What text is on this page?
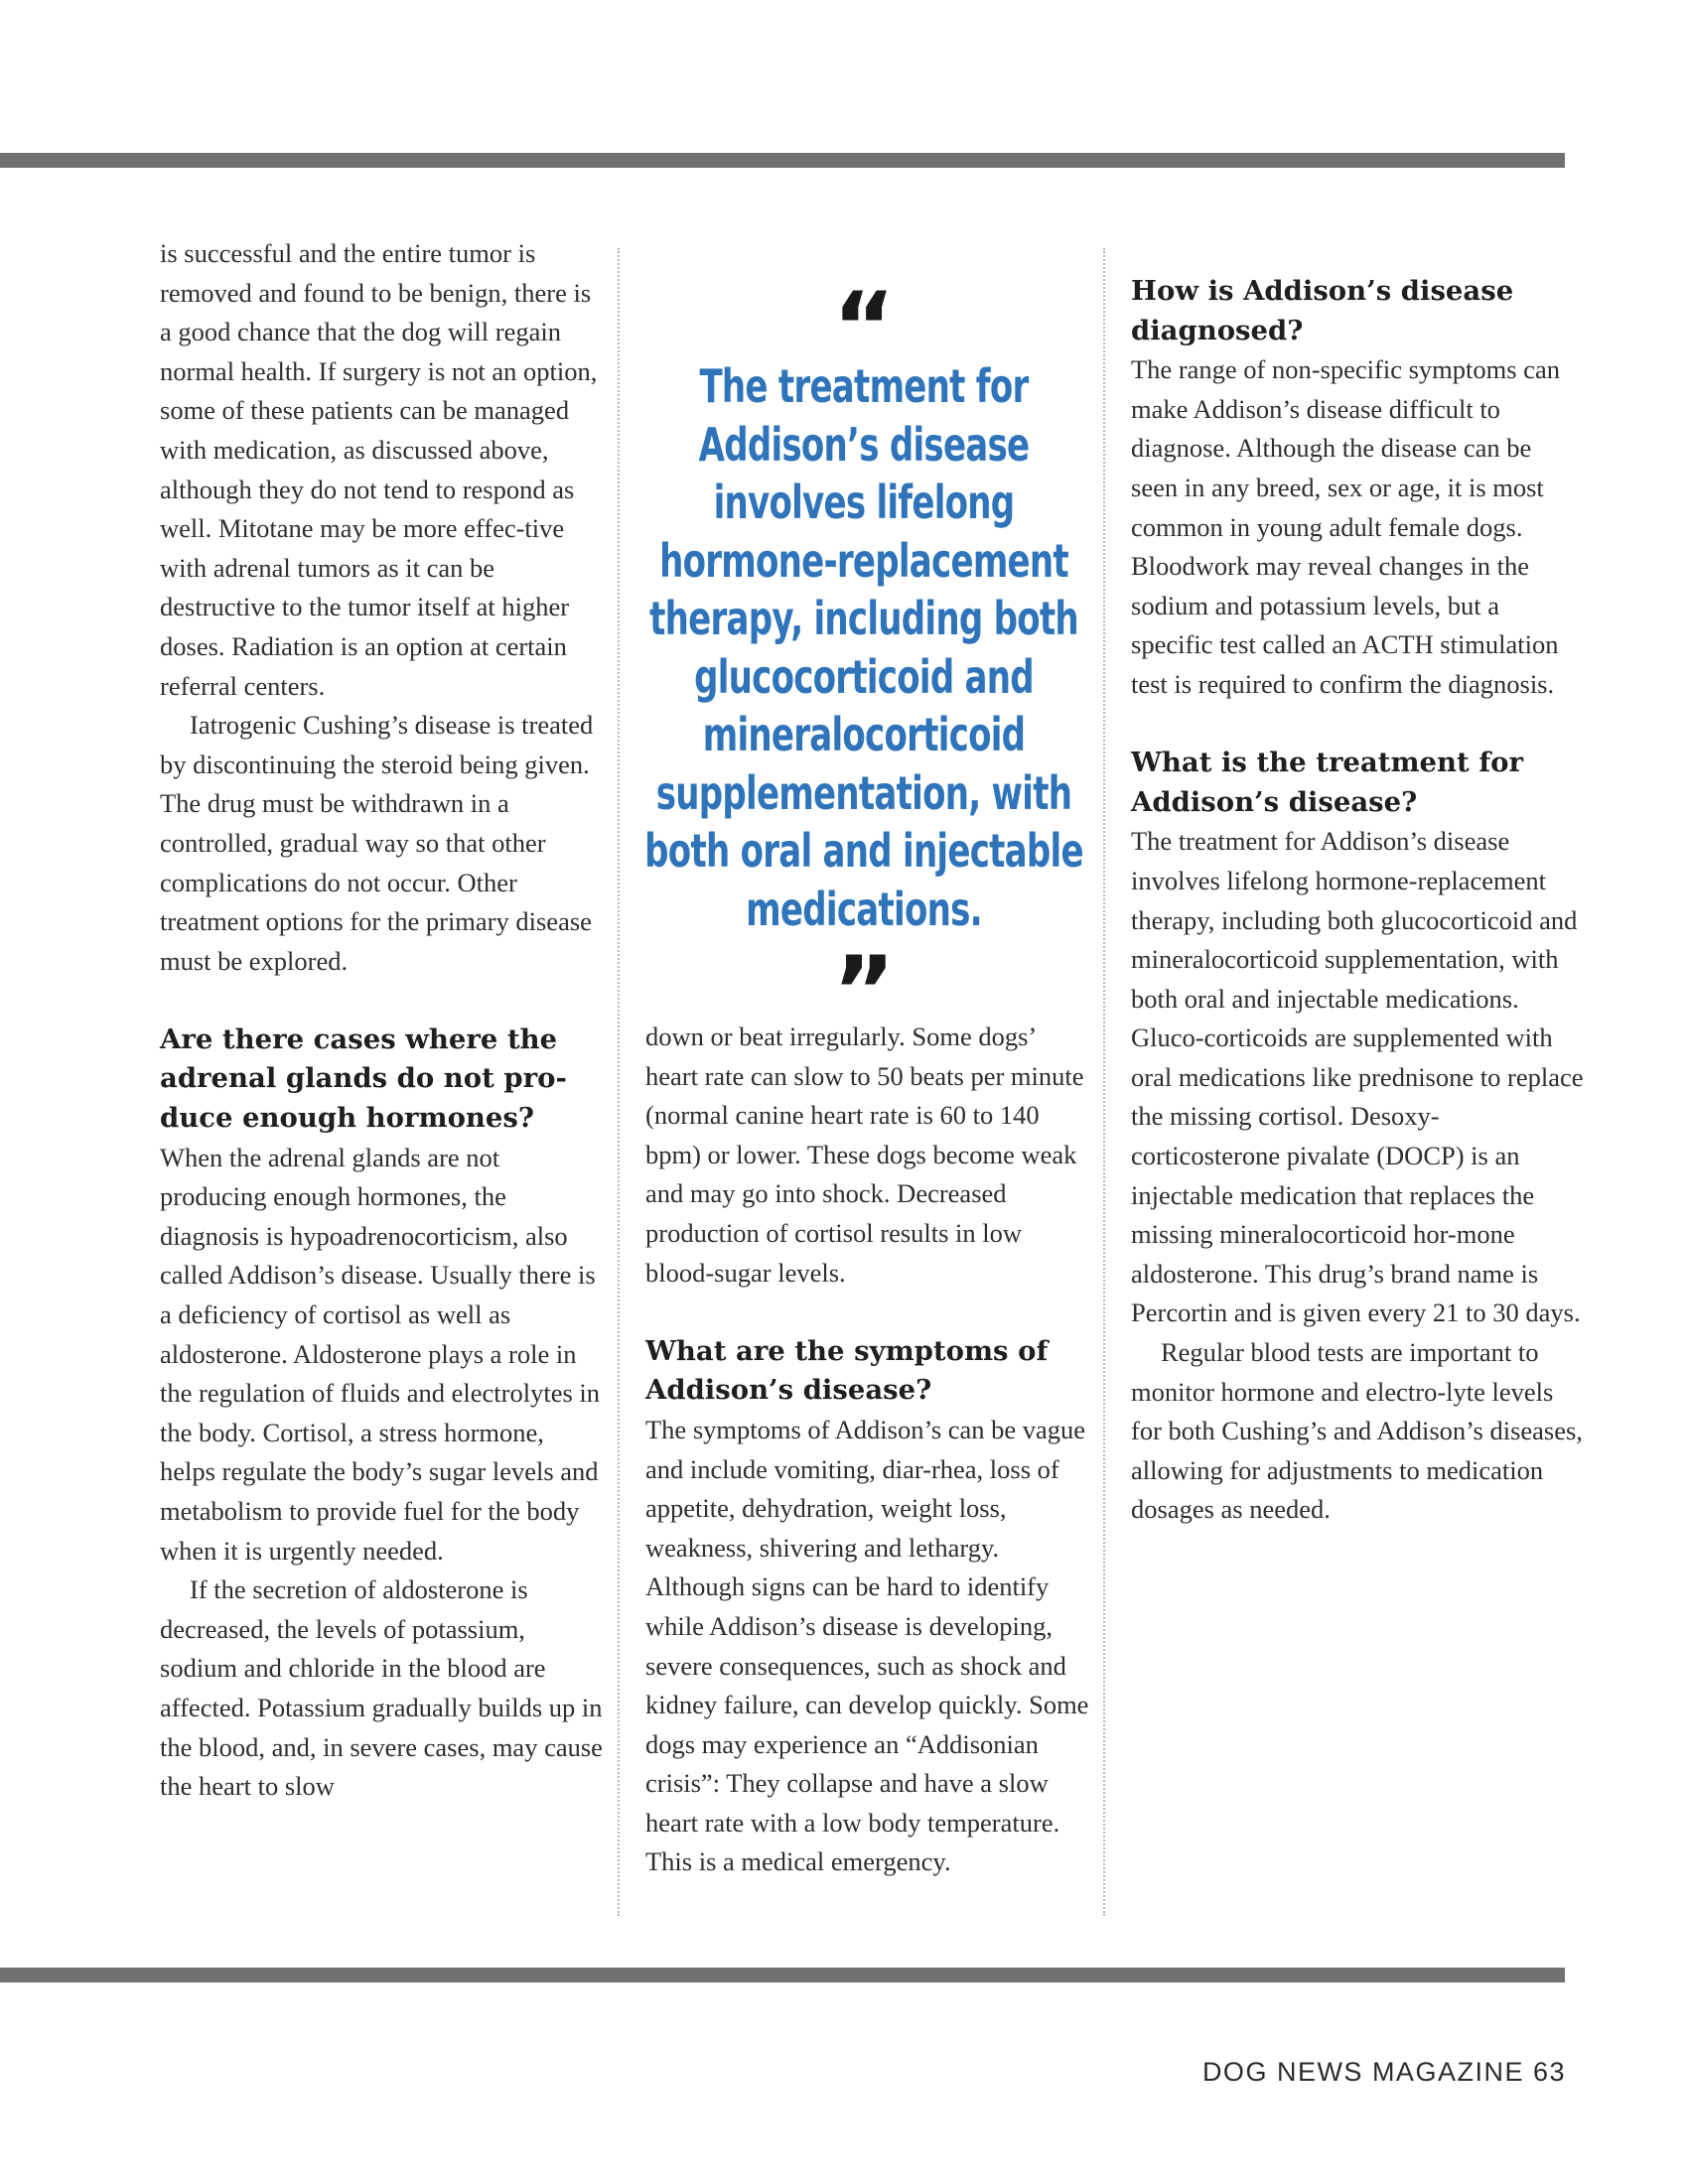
is successful and the entire tumor is removed and found to be benign, there is a good chance that the dog will regain normal health. If surgery is not an option, some of these patients can be managed with medication, as discussed above, although they do not tend to respond as well. Mitotane may be more effec-tive with adrenal tumors as it can be destructive to the tumor itself at higher doses. Radiation is an option at certain referral centers.

Iatrogenic Cushing’s disease is treated by discontinuing the steroid being given. The drug must be withdrawn in a controlled, gradual way so that other complications do not occur. Other treatment options for the primary disease must be explored.

Are there cases where the adrenal glands do not pro-duce enough hormones?

When the adrenal glands are not producing enough hormones, the diagnosis is hypoadrenocorticism, also called Addison’s disease. Usually there is a deficiency of cortisol as well as aldosterone. Aldosterone plays a role in the regulation of fluids and electrolytes in the body. Cortisol, a stress hormone, helps regulate the body’s sugar levels and metabolism to provide fuel for the body when it is urgently needed.

If the secretion of aldosterone is decreased, the levels of potassium, sodium and chloride in the blood are affected. Potassium gradually builds up in the blood, and, in severe cases, may cause the heart to slow

“
The treatment for Addison’s disease involves lifelong hormone-replacement therapy, including both glucocorticoid and mineralocorticoid supplementation, with both oral and injectable medications.
”

down or beat irregularly. Some dogs’ heart rate can slow to 50 beats per minute (normal canine heart rate is 60 to 140 bpm) or lower. These dogs become weak and may go into shock. Decreased production of cortisol results in low blood-sugar levels.

What are the symptoms of Addison’s disease?

The symptoms of Addison’s can be vague and include vomiting, diar-rhea, loss of appetite, dehydration, weight loss, weakness, shivering and lethargy. Although signs can be hard to identify while Addison’s disease is developing, severe consequences, such as shock and kidney failure, can develop quickly. Some dogs may experience an “Addisonian crisis”: They collapse and have a slow heart rate with a low body temperature. This is a medical emergency.

How is Addison’s disease diagnosed?

The range of non-specific symptoms can make Addison’s disease difficult to diagnose. Although the disease can be seen in any breed, sex or age, it is most common in young adult female dogs. Bloodwork may reveal changes in the sodium and potassium levels, but a specific test called an ACTH stimulation test is required to confirm the diagnosis.

What is the treatment for Addison’s disease?

The treatment for Addison’s disease involves lifelong hormone-replacement therapy, including both glucocorticoid and mineralocorticoid supplementation, with both oral and injectable medications. Gluco-corticoids are supplemented with oral medications like prednisone to replace the missing cortisol. Desoxy-corticosterone pivalate (DOCP) is an injectable medication that replaces the missing mineralocorticoid hor-mone aldosterone. This drug’s brand name is Percortin and is given every 21 to 30 days.

Regular blood tests are important to monitor hormone and electro-lyte levels for both Cushing’s and Addison’s diseases, allowing for adjustments to medication dosages as needed.

DOG NEWS MAGAZINE 63
